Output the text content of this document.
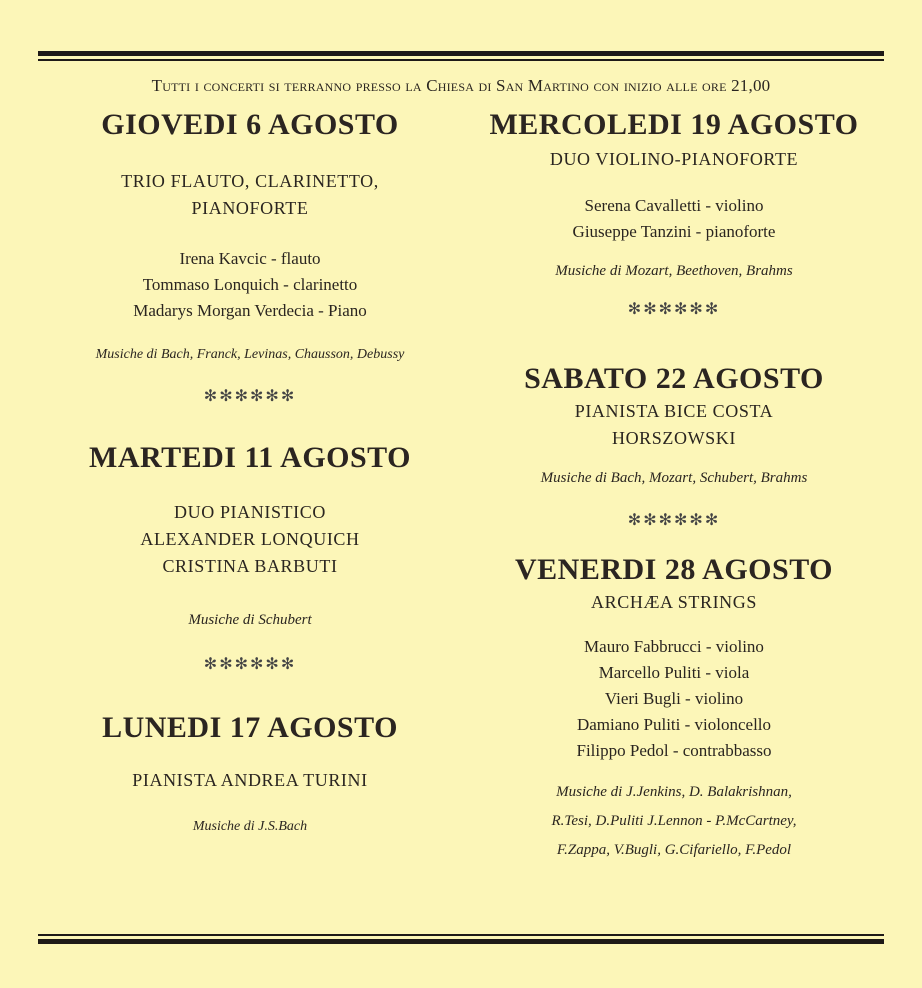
Tutti i concerti si terranno presso la Chiesa di San Martino con inizio alle ore 21,00
GIOVEDI 6 AGOSTO
TRIO FLAUTO, CLARINETTO,
PIANOFORTE
Irena Kavcic - flauto
Tommaso Lonquich - clarinetto
Madarys Morgan Verdecia - Piano
Musiche di Bach, Franck, Levinas, Chausson, Debussy
✻✻✻✻✻✻
MARTEDI 11 AGOSTO
DUO PIANISTICO
ALEXANDER LONQUICH
CRISTINA BARBUTI
Musiche di Schubert
✻✻✻✻✻✻
LUNEDI 17 AGOSTO
PIANISTA ANDREA TURINI
Musiche di J.S.Bach
MERCOLEDI 19 AGOSTO
DUO VIOLINO-PIANOFORTE
Serena Cavalletti - violino
Giuseppe Tanzini - pianoforte
Musiche di Mozart, Beethoven, Brahms
✻✻✻✻✻✻
SABATO 22 AGOSTO
PIANISTA BICE COSTA
HORSZOWSKI
Musiche di Bach, Mozart, Schubert, Brahms
✻✻✻✻✻✻
VENERDI 28 AGOSTO
ARCHÆA STRINGS
Mauro Fabbrucci - violino
Marcello Puliti - viola
Vieri Bugli - violino
Damiano Puliti - violoncello
Filippo Pedol - contrabbasso
Musiche di J.Jenkins, D. Balakrishnan,
R.Tesi, D.Puliti J.Lennon - P.McCartney,
F.Zappa, V.Bugli, G.Cifariello, F.Pedol
